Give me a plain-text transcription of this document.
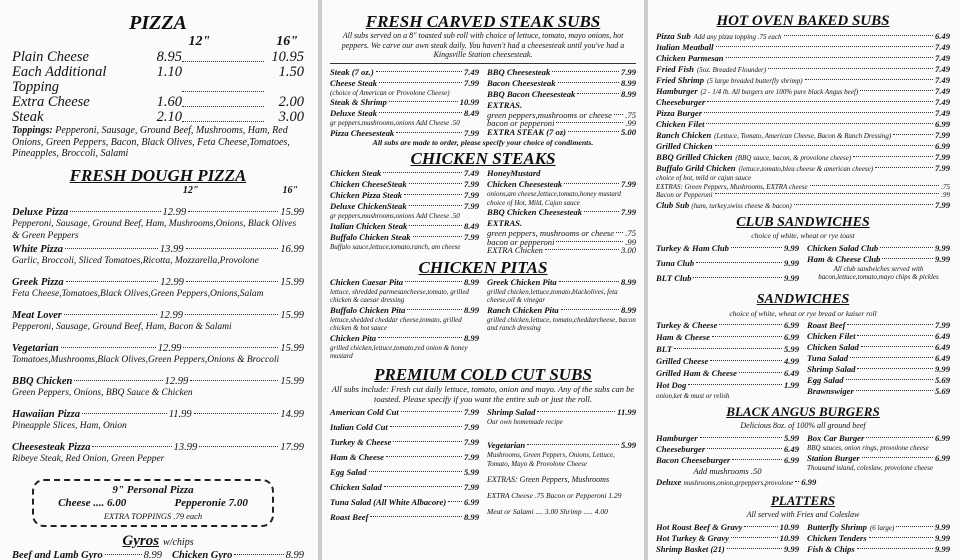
PIZZA
12"	16"
Plain Cheese	8.95	10.95
Each Additional Topping
1.10	1.50
Extra Cheese	1.60	2.00
Steak	2.10	3.00
Toppings: Pepperoni, Sausage, Ground Beef, Mushrooms, Ham, Red Onions, Green Peppers, Bacon, Black Olives, Feta Cheese,Tomatoes, Pineapples, Broccoli, Salami
FRESH DOUGH PIZZA
12"	16"
Deluxe Pizza	12.99	15.99
Pepperoni, Sausage, Ground Beef, Ham, Mushrooms,Onions, Black Olives & Green Peppers
White Pizza	13.99	16.99
Garlic, Broccoli, Sliced Tomatoes,Ricotta, Mozzarella,Provolone
Greek Pizza	12.99	15.99
Feta Cheese,Tomatoes,Black Olives,Green Peppers,Onions,Salam
Meat Lover	12.99	15.99
Pepperoni, Sausage, Ground Beef, Ham, Bacon & Salami
Vegetarian	12.99	15.99
Tomatoes,Mushrooms,Black Olives,Green Peppers,Onions & Broccoli
BBQ Chicken	12.99	15.99
Green Peppers, Onions, BBQ Sauce & Chicken
Hawaiian Pizza	11.99	14.99
Pineapple Slices, Ham, Onion
Cheesesteak Pizza	13.99	17.99
Ribeye Steak, Red Onion, Green Pepper
9" Personal Pizza
Cheese .... 6.00	Pepperonie 7.00
EXTRA TOPPINGS .79 each
Gyros w/chips
Beef and Lamb Gyro	8.99 Chicken Gyro	8.99
FRESH CARVED STEAK SUBS
All subs served on a 8" toasted sub roll with choice of lettuce, tomato, mayo onions, hot peppers. We carve our own steak daily. You haven't had a cheesesteak until you've had a Kingsville Station cheesesteak.
Steak (7 oz.)	7.49
Cheese Steak	7.99
(choice of American or Provolone Cheese)
Steak & Shrimp	10.99
Deluxe Steak	8.49
gr peppers,mushrooms,onions Add Cheese .50
Pizza Cheesesteak	7.99
BBQ Cheesesteak	7.99
Bacon Cheesesteak	8.99
BBQ Bacon Cheesesteak	8.99
EXTRAS.
green peppers,mushrooms or cheese .75
bacon or pepperoni	.99
EXTRA STEAK (7 oz)	5.00
All subs are made to order, please specify your choice of condiments.
CHICKEN STEAKS
Chicken Steak	7.49
Chicken CheeseSteak	7.99
Chicken Pizza Steak	7.99
Deluxe ChickenSteak	7.99
gr peppers,mushrooms,onions Add Cheese .50
Italian Chicken Steak	8.49
Buffalo Chicken Steak	7.99
Buffalo sauce,lettuce,tomato,ranch, am cheese
HoneyMustard
Chicken Cheesesteak	7.99
onions,am cheese,lettuce,tomato,honey mustard
choice of Hot, Mild, Cajun sauce
BBQ Chicken Cheesesteak	7.99
EXTRAS.
green peppers, mushrooms or cheese .75
bacon or pepperoni	.99
EXTRA Chicken	3.00
CHICKEN PITAS
Chicken Caesar Pita	8.99
lettuce, shredded parmesancheese,tomato, grilled chicken & caesar dressing
Buffalo Chicken Pita	8.99
lettuce,shedded cheddar cheese,tomato, grilled chicken & hot sauce
Chicken Pita	8.99
grilled chicken,lettuce,tomato,red onion & honey mustard
Greek Chicken Pita	8.99
grilled chicken,lettuce,tomato,blackolives, feta cheese,oil & vinegar
Ranch Chicken Pita	8.99
grilled chicken,lettuce, tomato,cheddarcheese, bacon and ranch dressing
PREMIUM COLD CUT SUBS
All subs include: Fresh cut daily lettuce, tomato, onion and mayo. Any of the subs can be toasted. Please specify if you want the entire sub or just the roll.
American Cold Cut	7.99
Italian Cold Cut	7.99
Turkey & Cheese	7.99
Ham & Cheese	7.99
Egg Salad	5.99
Chicken Salad	7.99
Tuna Salad (All White Albacore) 6.99
Roast Beef	8.99
Shrimp Salad	11.99
Our own homemade recipe
Vegetarian	5.99
Mushrooms, Green Peppers, Onions, Lettuce, Tomato, Mayo & Provolone Cheese
EXTRAS: Green Peppers, Mushrooms
EXTRA Cheese .75 Bacon or Pepperoni 1.29
Meat or Salami .... 3.00 Shrimp ..... 4.00
HOT OVEN BAKED SUBS
Pizza Sub Add any pizza topping .75 each	6.49
Italian Meatball	7.49
Chicken Parmesan	7.49
Fried Fish (5oz. Breaded Flounder)	7.49
Fried Shrimp (5 large breaded butterfly shrimp)	7.49
Hamburger (2 - 1/4 lb. All burgers are 100% pure black Angus beef)	7.49
Cheeseburger	7.49
Pizza Burger	7.49
Chicken Filet	6.99
Ranch Chicken (Lettuce, Tomato, American Cheese, Bacon & Ranch Dressing)	7.99
Grilled Chicken	6.99
BBQ Grilled Chicken (BBQ sauce, bacon, & provolone cheese)	7.99
Buffalo Grild Chicken (lettuce,tomato,bleu cheese & american cheese)	7.99
choice of hot, mild or cajun sauce
EXTRAS: Green Peppers, Mushrooms, EXTRA cheese	.75
Bacon or Pepperoni	.99
Club Sub
(ham, turkey,swiss cheese & bacon)	7.99
CLUB SANDWICHES
choice of white, wheat or rye toast
Turkey & Ham Club	9.99
Tuna Club	9.99
BLT Club	9.99
Chicken Salad Club	9.99
Ham & Cheese Club	9.99
All club sandwiches served with bacon,lettuce,tomato,mayo chips & pickles
SANDWICHES
choice of white, wheat or rye bread or kaiser roll
Turkey & Cheese	6.99
Ham & Cheese	6.99
BLT	5.99
Grilled Cheese	4.99
Grilled Ham & Cheese	6.49
Hot Dog	1.99
onion,ket & must or relish
Roast Beef	7.99
Chicken Filet	6.49
Chicken Salad	6.49
Tuna Salad	6.49
Shrimp Salad	9.99
Egg Salad	5.69
Brawnswiger	5.69
BLACK ANGUS BURGERS
Delicious 8oz. of 100% all ground beef
Hamburger	5.99
Cheeseburger	6.49
Bacon Cheeseburger	6.99
Add mushrooms .50
Deluxe
mushrooms,onion,grpeppers,provolone 6.99
Box Car Burger	6.99
BBQ sauces, onion rings, provolone cheese
Station Burger	6.99
Thousand island, coleslaw, provolone cheese
PLATTERS
All served with Fries and Coleslaw
Hot Roast Beef & Gravy	10.99
Hot Turkey & Gravy	10.99
Shrimp Basket (21)	9.99
Butterfly Shrimp (6 large)	9.99
Chicken Tenders	9.99
Fish & Chips	9.99
